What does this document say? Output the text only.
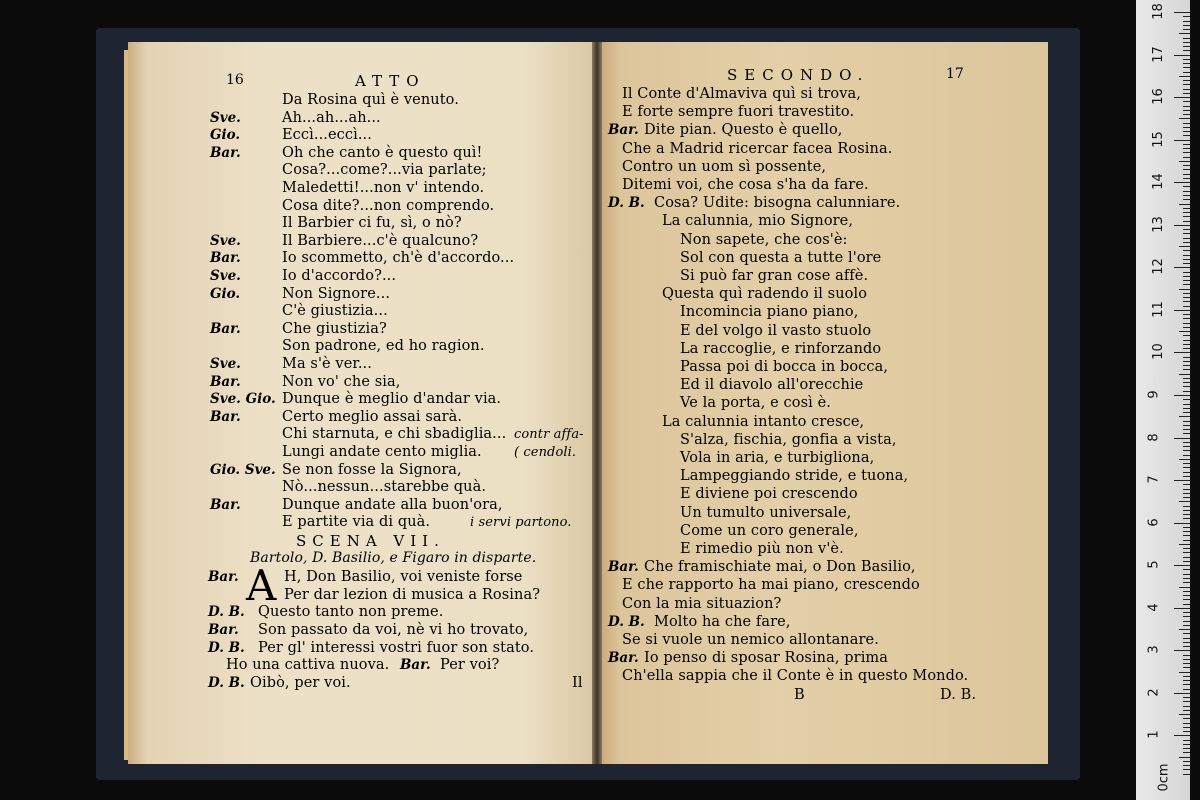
16	ATTO
Da Rosina quì è venuto.
Sve.	Ah...ah...ah...
Gio.	Eccì...eccì...
Bar.	Oh che canto è questo quì!
Cosa?...come?...via parlate;
Maledetti!...non v' intendo.
Cosa dite?...non comprendo.
Il Barbier ci fu, sì, o nò?
Sve.	Il Barbiere...c'è qualcuno?
Bar.	Io scommetto, ch'è d'accordo...
Sve.	Io d'accordo?...
Gio.	Non Signore...
C'è giustizia...
Bar.	Che giustizia?
Son padrone, ed ho ragion.
Sve.	Ma s'è ver...
Bar.	Non vo' che sia,
Sve. Gio. Dunque è meglio d'andar via.
Bar.	Certo meglio assai sarà.
Chi starnuta, e chi sbadiglia...
Lungi andate cento miglia.
Gio. Sve. Se non fosse la Signora,
Nò...nessun...starebbe quà.
Bar.	Dunque andate alla buon'ora,
E partite via di quà.
contr affa-
( cendoli.
i servi partono.
SCENA VII.
Bartolo, D. Basilio, e Figaro in disparte.
Bar. A H, Don Basilio, voi veniste forse
Per dar lezion di musica a Rosina?
D. B. Questo tanto non preme.
Bar. Son passato da voi, nè vi ho trovato,
D. B. Per gl' interessi vostri fuor son stato.
Ho una cattiva nuova. Bar. Per voi?
D. B. Oibò, per voi.	Il
SECONDO.	17
Il Conte d'Almaviva quì si trova,
E forte sempre fuori travestito.
Bar. Dite pian. Questo è quello,
Che a Madrid ricercar facea Rosina.
Contro un uom sì possente,
Ditemi voi, che cosa s'ha da fare.
D. B. Cosa? Udite: bisogna calunniare.
La calunnia, mio Signore,
Non sapete, che cos'è:
Sol con questa a tutte l'ore
Si può far gran cose affè.
Questa quì radendo il suolo
Incomincia piano piano,
E del volgo il vasto stuolo
La raccoglie, e rinforzando
Passa poi di bocca in bocca,
Ed il diavolo all'orecchie
Ve la porta, e così è.
La calunnia intanto cresce,
S'alza, fischia, gonfia a vista,
Vola in aria, e turbigliona,
Lampeggiando stride, e tuona,
E diviene poi crescendo
Un tumulto universale,
Come un coro generale,
E rimedio più non v'è.
Bar. Che framischiate mai, o Don Basilio,
E che rapporto ha mai piano, crescendo
Con la mia situazion?
D. B. Molto ha che fare,
Se si vuole un nemico allontanare.
Bar. Io penso di sposar Rosina, prima
Ch'ella sappia che il Conte è in questo Mondo.
B	D. B.
18
17
16
15
14
13
12
11
10
9
8
7
6
5
4
3
2
1
0cm
